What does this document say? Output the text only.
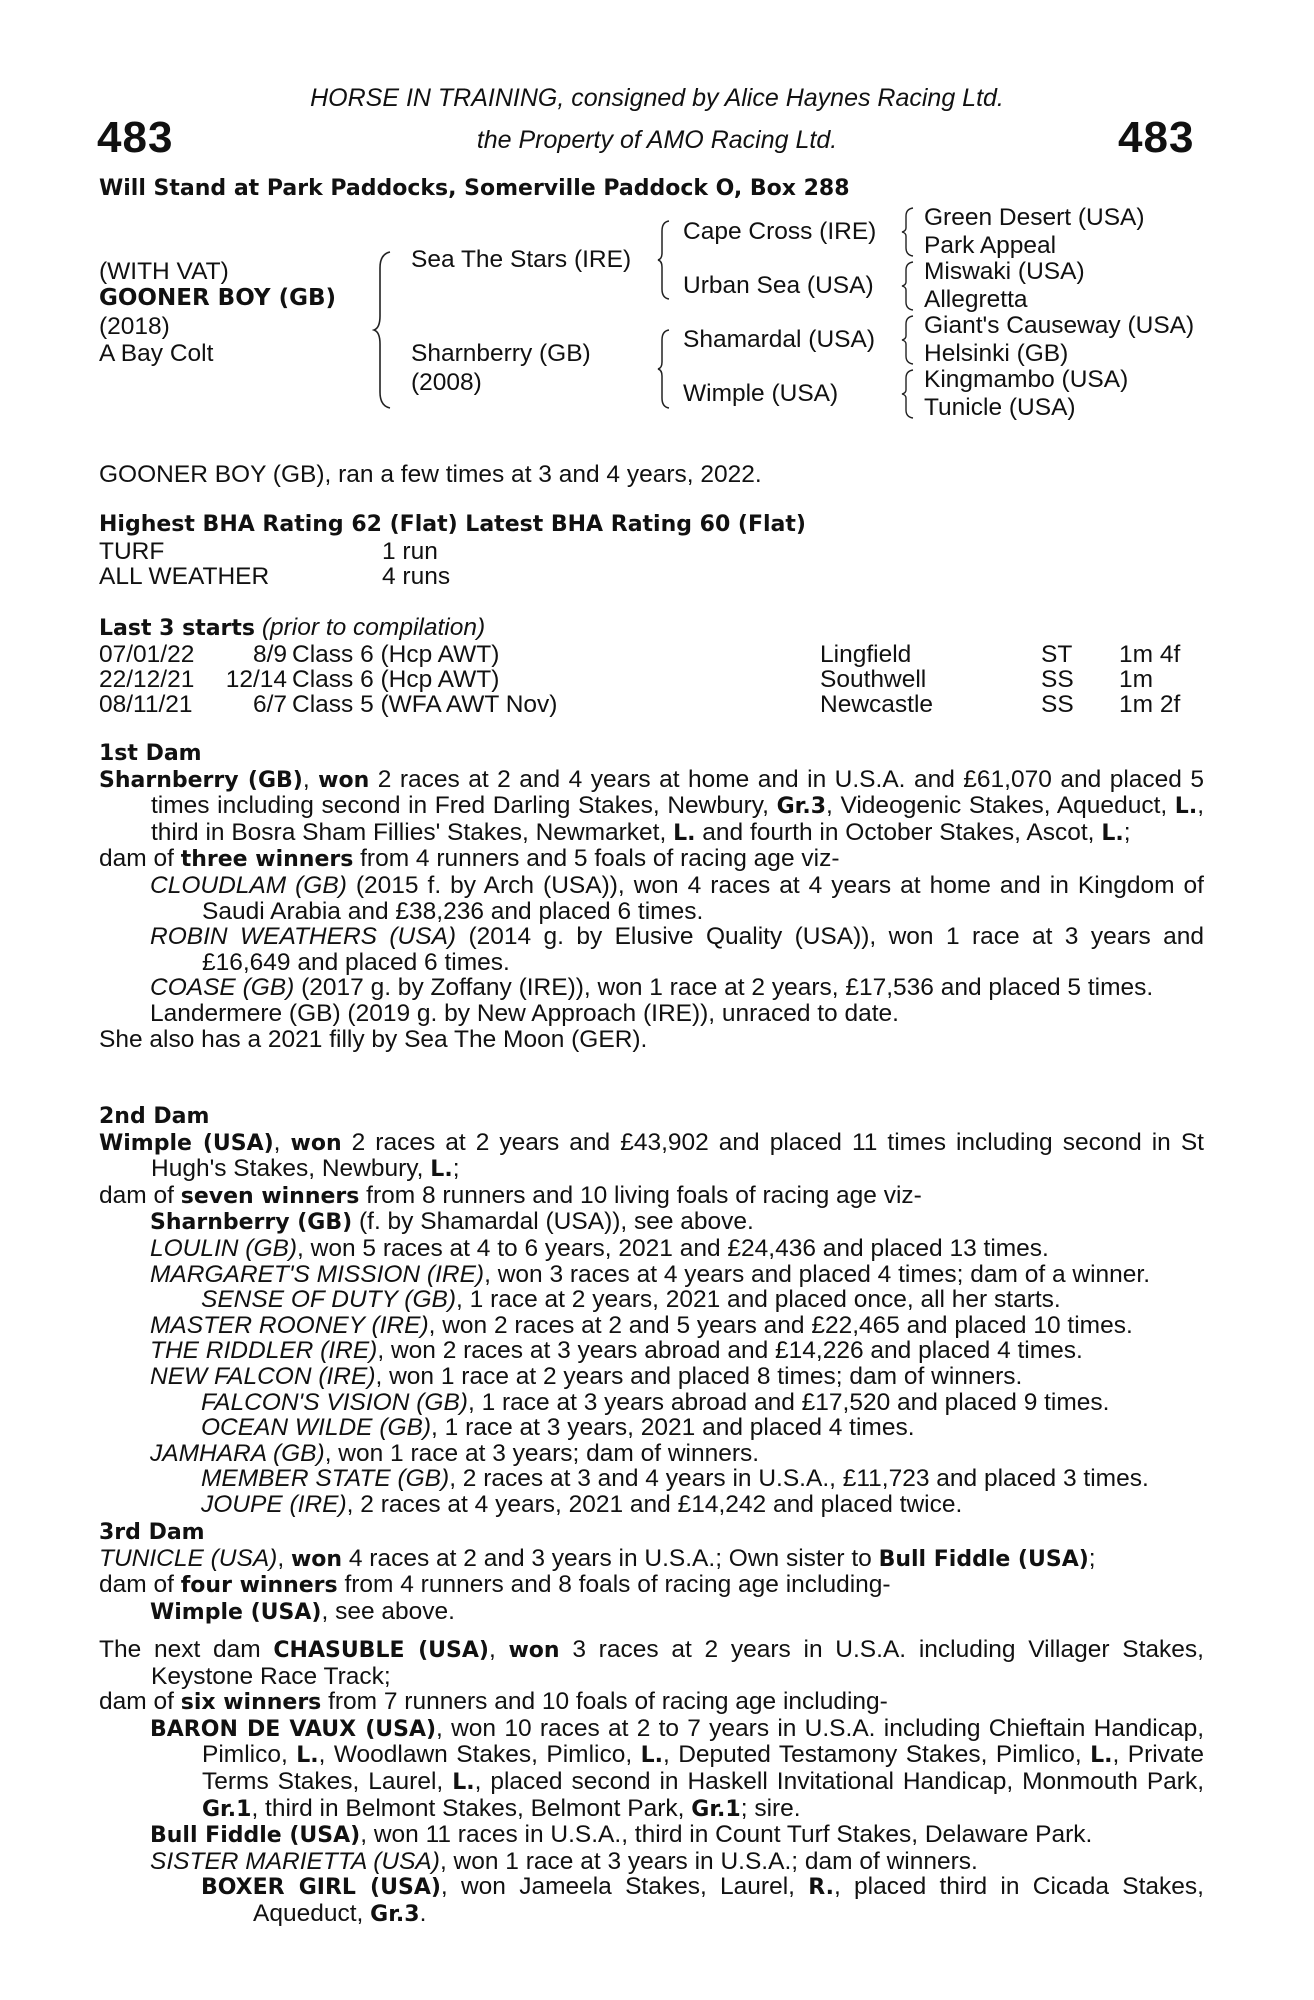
483	483
HORSE IN TRAINING, consigned by Alice Haynes Racing Ltd.
the Property of AMO Racing Ltd.
Will Stand at Park Paddocks, Somerville Paddock O, Box 288
(WITH VAT)
GOONER BOY (GB)
(2018)
A Bay Colt
Sea The Stars (IRE)
Sharnberry (GB)
(2008)
Cape Cross (IRE)
Urban Sea (USA)
Shamardal (USA)
Wimple (USA)
Green Desert (USA)
Park Appeal
Miswaki (USA)
Allegretta
Giant's Causeway (USA)
Helsinki (GB)
Kingmambo (USA)
Tunicle (USA)
GOONER BOY (GB), ran a few times at 3 and 4 years, 2022.
Highest BHA Rating 62 (Flat) Latest BHA Rating 60 (Flat)
TURF	1 run
ALL WEATHER	4 runs
Last 3 starts (prior to compilation)
07/01/22	8/9 Class 6 (Hcp AWT)	Lingfield	ST 1m 4f
22/12/21	12/14 Class 6 (Hcp AWT)	Southwell	SS 1m
08/11/21	6/7 Class 5 (WFA AWT Nov)	Newcastle	SS 1m 2f
1st Dam
Sharnberry (GB), won 2 races at 2 and 4 years at home and in U.S.A. and £61,070 and placed 5 times including second in Fred Darling Stakes, Newbury, Gr.3, Videogenic Stakes, Aqueduct, L., third in Bosra Sham Fillies' Stakes, Newmarket, L. and fourth in October Stakes, Ascot, L.;
dam of three winners from 4 runners and 5 foals of racing age viz-
CLOUDLAM (GB) (2015 f. by Arch (USA)), won 4 races at 4 years at home and in Kingdom of Saudi Arabia and £38,236 and placed 6 times.
ROBIN WEATHERS (USA) (2014 g. by Elusive Quality (USA)), won 1 race at 3 years and £16,649 and placed 6 times.
COASE (GB) (2017 g. by Zoffany (IRE)), won 1 race at 2 years, £17,536 and placed 5 times.
Landermere (GB) (2019 g. by New Approach (IRE)), unraced to date.
She also has a 2021 filly by Sea The Moon (GER).
2nd Dam
Wimple (USA), won 2 races at 2 years and £43,902 and placed 11 times including second in St Hugh's Stakes, Newbury, L.;
dam of seven winners from 8 runners and 10 living foals of racing age viz-
Sharnberry (GB) (f. by Shamardal (USA)), see above.
LOULIN (GB), won 5 races at 4 to 6 years, 2021 and £24,436 and placed 13 times.
MARGARET'S MISSION (IRE), won 3 races at 4 years and placed 4 times; dam of a winner.
SENSE OF DUTY (GB), 1 race at 2 years, 2021 and placed once, all her starts.
MASTER ROONEY (IRE), won 2 races at 2 and 5 years and £22,465 and placed 10 times.
THE RIDDLER (IRE), won 2 races at 3 years abroad and £14,226 and placed 4 times.
NEW FALCON (IRE), won 1 race at 2 years and placed 8 times; dam of winners.
FALCON'S VISION (GB), 1 race at 3 years abroad and £17,520 and placed 9 times.
OCEAN WILDE (GB), 1 race at 3 years, 2021 and placed 4 times.
JAMHARA (GB), won 1 race at 3 years; dam of winners.
MEMBER STATE (GB), 2 races at 3 and 4 years in U.S.A., £11,723 and placed 3 times.
JOUPE (IRE), 2 races at 4 years, 2021 and £14,242 and placed twice.
3rd Dam
TUNICLE (USA), won 4 races at 2 and 3 years in U.S.A.; Own sister to Bull Fiddle (USA);
dam of four winners from 4 runners and 8 foals of racing age including-
Wimple (USA), see above.
The next dam CHASUBLE (USA), won 3 races at 2 years in U.S.A. including Villager Stakes, Keystone Race Track;
dam of six winners from 7 runners and 10 foals of racing age including-
BARON DE VAUX (USA), won 10 races at 2 to 7 years in U.S.A. including Chieftain Handicap, Pimlico, L., Woodlawn Stakes, Pimlico, L., Deputed Testamony Stakes, Pimlico, L., Private Terms Stakes, Laurel, L., placed second in Haskell Invitational Handicap, Monmouth Park, Gr.1, third in Belmont Stakes, Belmont Park, Gr.1; sire.
Bull Fiddle (USA), won 11 races in U.S.A., third in Count Turf Stakes, Delaware Park.
SISTER MARIETTA (USA), won 1 race at 3 years in U.S.A.; dam of winners.
BOXER GIRL (USA), won Jameela Stakes, Laurel, R., placed third in Cicada Stakes, Aqueduct, Gr.3.
